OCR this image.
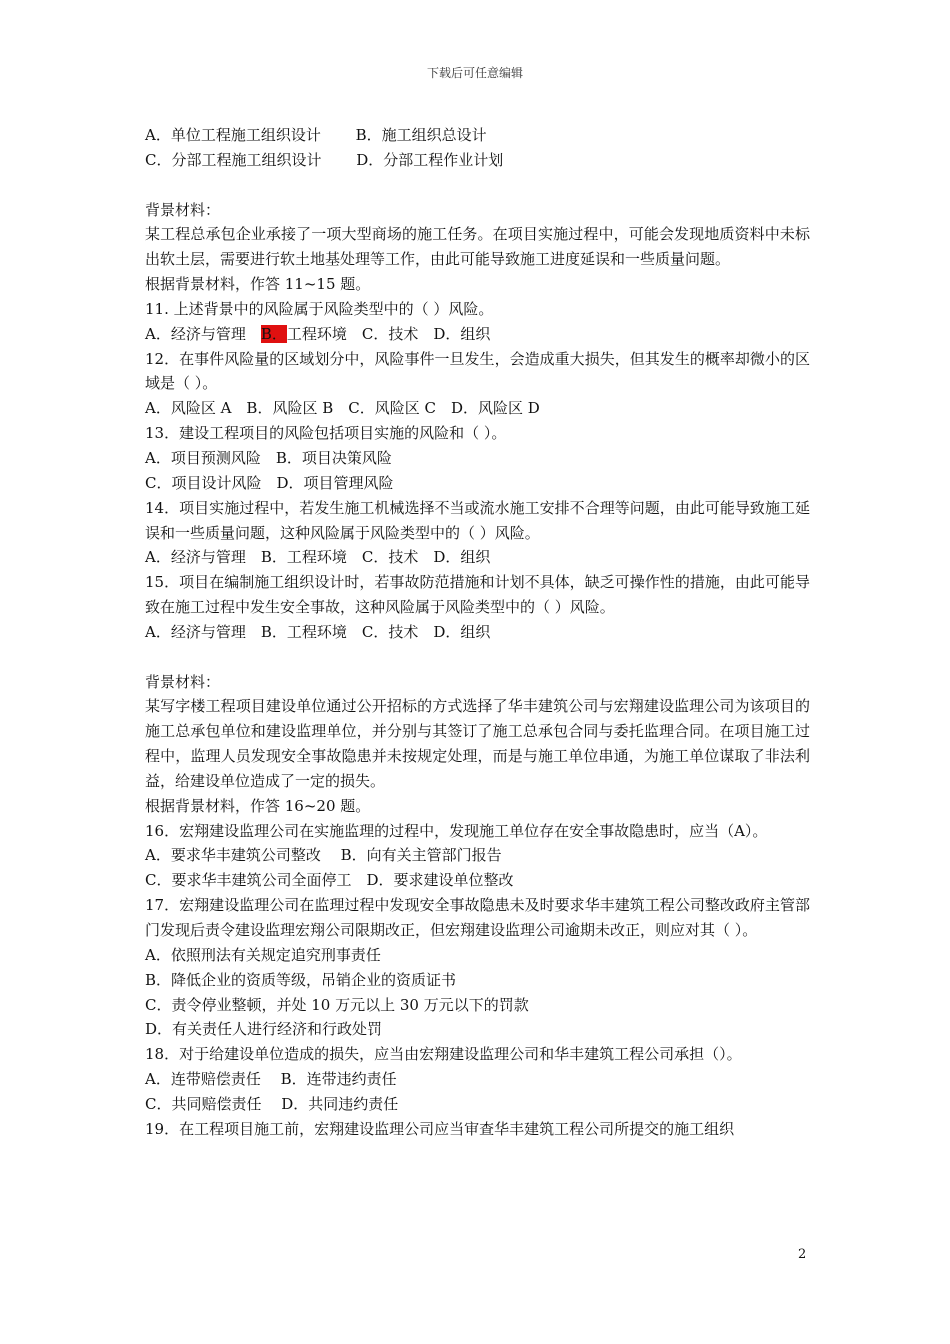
下载后可任意编辑
A．单位工程施工组织设计　　 B．施工组织总设计
C．分部工程施工组织设计　　 D．分部工程作业计划
背景材料：
某工程总承包企业承接了一项大型商场的施工任务。在项目实施过程中，可能会发现地质资料中未标出软土层，需要进行软土地基处理等工作，由此可能导致施工进度延误和一些质量问题。
根据背景材料，作答 11~15 题。
11. 上述背景中的风险属于风险类型中的（ ）风险。
A．经济与管理　B．工程环境　C．技术　D．组织
12．在事件风险量的区域划分中，风险事件一旦发生，会造成重大损失，但其发生的概率却微小的区域是（ ）。
A．风险区 A　B．风险区 B　C．风险区 C　D．风险区 D
13．建设工程项目的风险包括项目实施的风险和（ ）。
A．项目预测风险　B．项目决策风险
C．项目设计风险　D．项目管理风险
14．项目实施过程中，若发生施工机械选择不当或流水施工安排不合理等问题，由此可能导致施工延误和一些质量问题，这种风险属于风险类型中的（ ）风险。
A．经济与管理　B．工程环境　C．技术　D．组织
15．项目在编制施工组织设计时，若事故防范措施和计划不具体，缺乏可操作性的措施，由此可能导致在施工过程中发生安全事故，这种风险属于风险类型中的（ ）风险。
A．经济与管理　B．工程环境　C．技术　D．组织
背景材料：
某写字楼工程项目建设单位通过公开招标的方式选择了华丰建筑公司与宏翔建设监理公司为该项目的施工总承包单位和建设监理单位，并分别与其签订了施工总承包合同与委托监理合同。在项目施工过程中，监理人员发现安全事故隐患并未按规定处理，而是与施工单位串通，为施工单位谋取了非法利益，给建设单位造成了一定的损失。
根据背景材料，作答 16~20 题。
16．宏翔建设监理公司在实施监理的过程中，发现施工单位存在安全事故隐患时，应当（A）。
A．要求华丰建筑公司整改　 B．向有关主管部门报告
C．要求华丰建筑公司全面停工　D．要求建设单位整改
17．宏翔建设监理公司在监理过程中发现安全事故隐患未及时要求华丰建筑工程公司整改政府主管部门发现后责令建设监理宏翔公司限期改正，但宏翔建设监理公司逾期未改正，则应对其（ ）。
A．依照刑法有关规定追究刑事责任
B．降低企业的资质等级，吊销企业的资质证书
C．责令停业整顿，并处 10 万元以上 30 万元以下的罚款
D．有关责任人进行经济和行政处罚
18．对于给建设单位造成的损失，应当由宏翔建设监理公司和华丰建筑工程公司承担（）。
A．连带赔偿责任　 B．连带违约责任
C．共同赔偿责任　 D．共同违约责任
19．在工程项目施工前，宏翔建设监理公司应当审查华丰建筑工程公司所提交的施工组织
2
